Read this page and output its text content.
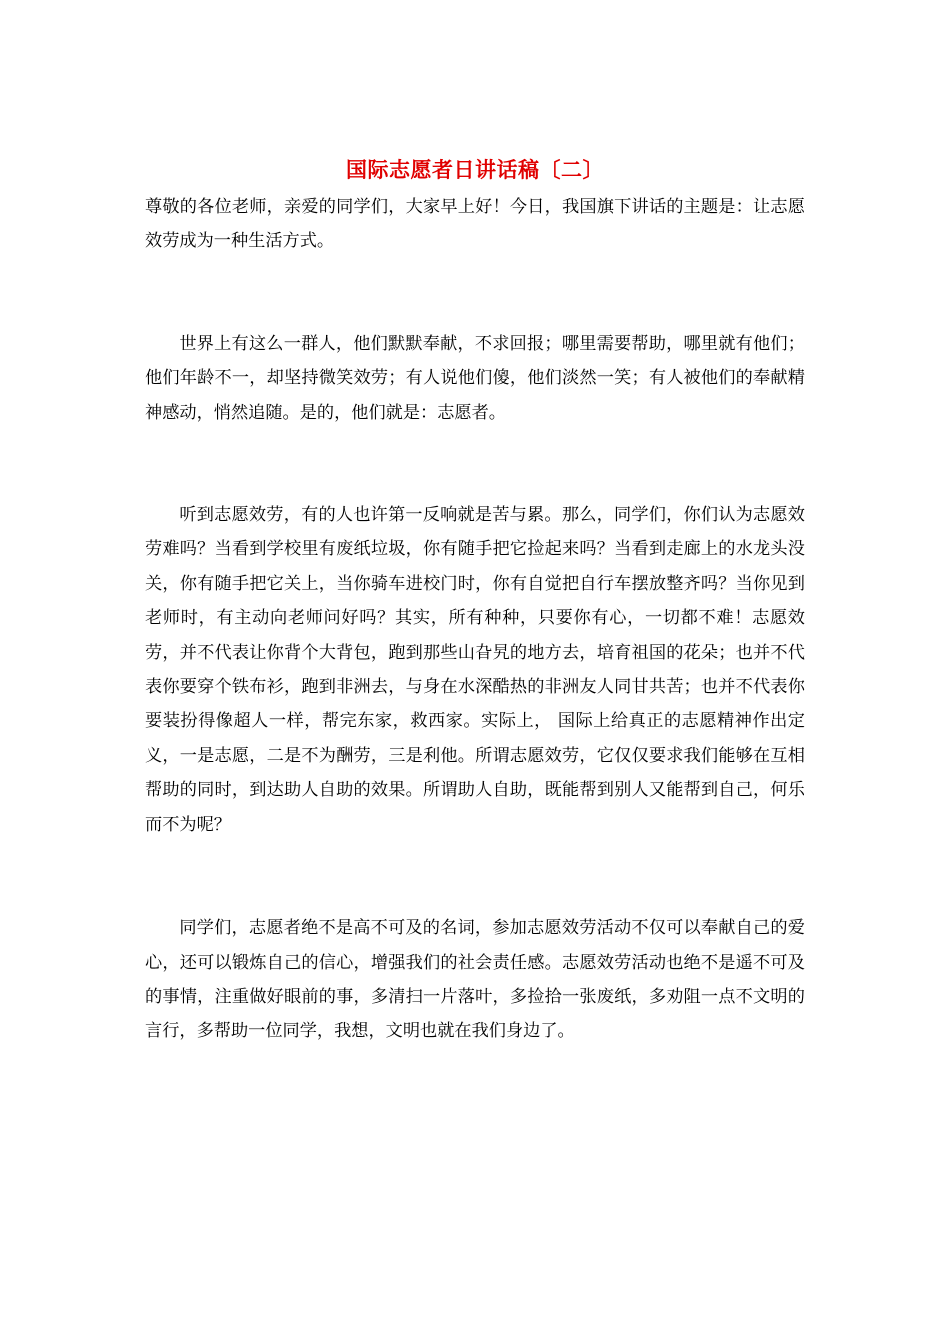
国际志愿者日讲话稿〔二〕

尊敬的各位老师，亲爱的同学们，大家早上好！今日，我国旗下讲话的主题是：让志愿效劳成为一种生活方式。

世界上有这么一群人，他们默默奉献，不求回报；哪里需要帮助，哪里就有他们；他们年龄不一，却坚持微笑效劳；有人说他们傻，他们淡然一笑；有人被他们的奉献精神感动，悄然追随。是的，他们就是：志愿者。

听到志愿效劳，有的人也许第一反响就是苦与累。那么，同学们，你们认为志愿效劳难吗？当看到学校里有废纸垃圾，你有随手把它捡起来吗？当看到走廊上的水龙头没关，你有随手把它关上，当你骑车进校门时，你有自觉把自行车摆放整齐吗？当你见到老师时，有主动向老师问好吗？其实，所有种种，只要你有心，一切都不难！志愿效劳，并不代表让你背个大背包，跑到那些山旮旯的地方去，培育祖国的花朵；也并不代表你要穿个铁布衫，跑到非洲去，与身在水深酷热的非洲友人同甘共苦；也并不代表你要装扮得像超人一样，帮完东家，救西家。实际上， 国际上给真正的志愿精神作出定义，一是志愿，二是不为酬劳，三是利他。所谓志愿效劳，它仅仅要求我们能够在互相帮助的同时，到达助人自助的效果。所谓助人自助，既能帮到别人又能帮到自己，何乐而不为呢？

同学们，志愿者绝不是高不可及的名词，参加志愿效劳活动不仅可以奉献自己的爱心，还可以锻炼自己的信心，增强我们的社会责任感。志愿效劳活动也绝不是遥不可及的事情，注重做好眼前的事，多清扫一片落叶，多捡拾一张废纸，多劝阻一点不文明的言行，多帮助一位同学，我想，文明也就在我们身边了。
